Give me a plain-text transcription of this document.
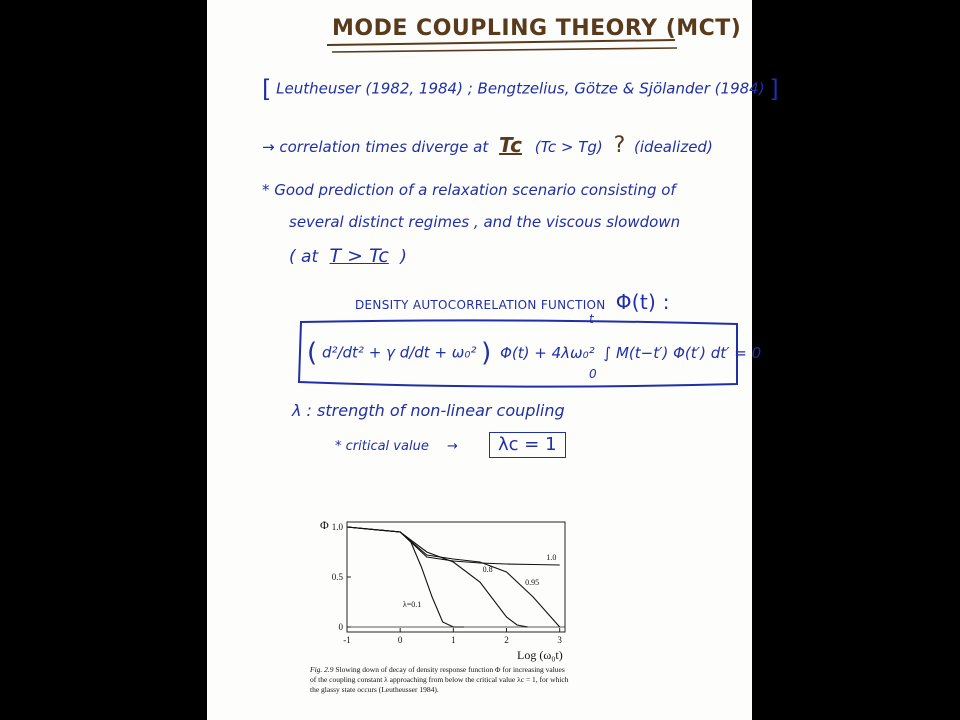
MODE COUPLING THEORY (MCT)
[ Leutheuser (1982, 1984) ; Bengtzelius, Götze & Sjölander (1984) ]
→ correlation times diverge at Tc (Tc > Tg) ? (idealized)
* Good prediction of a relaxation scenario consisting of
several distinct regimes , and the viscous slowdown
( at T > Tc )
DENSITY AUTOCORRELATION FUNCTION Φ(t) :
( d²/dt² + γ d/dt + ω₀² ) Φ(t) + 4λω₀² ∫ M(t−t′) Φ(t′) dt′ = 0
t
0
λ : strength of non-linear coupling
* critical value →	λc = 1
1.0
0.5
0
-1	0	1	2	3
λ=0.1
0.8
0.95
1.0
Φ
Log (ω₀t)
Fig. 2.9 Slowing down of decay of density response function Φ for increasing values of the coupling constant λ approaching from below the critical value λc = 1, for which the glassy state occurs (Leutheusser 1984).
